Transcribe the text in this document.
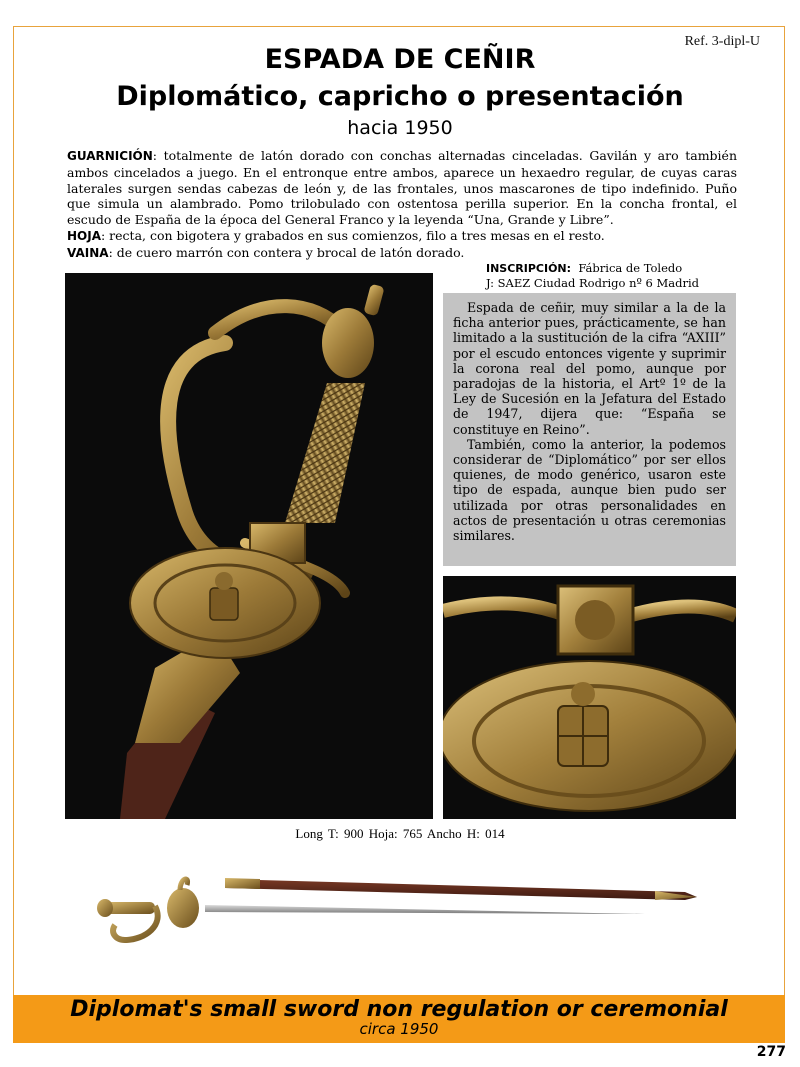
Ref. 3-dipl-U
ESPADA DE CEÑIR
Diplomático, capricho o presentación
hacia 1950

GUARNICIÓN: totalmente de latón dorado con conchas alternadas cinceladas. Gavilán y aro también ambos cincelados a juego. En el entronque entre ambos, aparece un hexaedro regular, de cuyas caras laterales surgen sendas cabezas de león y, de las frontales, unos mascarones de tipo indefinido. Puño que simula un alambrado. Pomo trilobulado con ostentosa perilla superior. En la concha frontal, el escudo de España de la época del General Franco y la leyenda “Una, Grande y Libre”.

HOJA: recta, con bigotera y grabados en sus comienzos, filo a tres mesas en el resto.

VAINA: de cuero marrón con contera y brocal de latón dorado.

INSCRIPCIÓN: Fábrica de Toledo
J: SAEZ Ciudad Rodrigo nº 6 Madrid

Espada de ceñir, muy similar a la de la ficha anterior pues, prácticamente, se han limitado a la sustitución de la cifra “AXIII” por el escudo entonces vigente y suprimir la corona real del pomo, aunque por paradojas de la historia, el Artº 1º de la Ley de Sucesión en la Jefatura del Estado de 1947, dijera que: “España se constituye en Reino”.

También, como la anterior, la podemos considerar de “Diplomático” por ser ellos quienes, de modo genérico, usaron este tipo de espada, aunque bien pudo ser utilizada por otras personalidades en actos de presentación u otras ceremonias similares.

Long T: 900 Hoja: 765 Ancho H: 014
Diplomat's small sword non regulation or ceremonial
circa 1950
277
